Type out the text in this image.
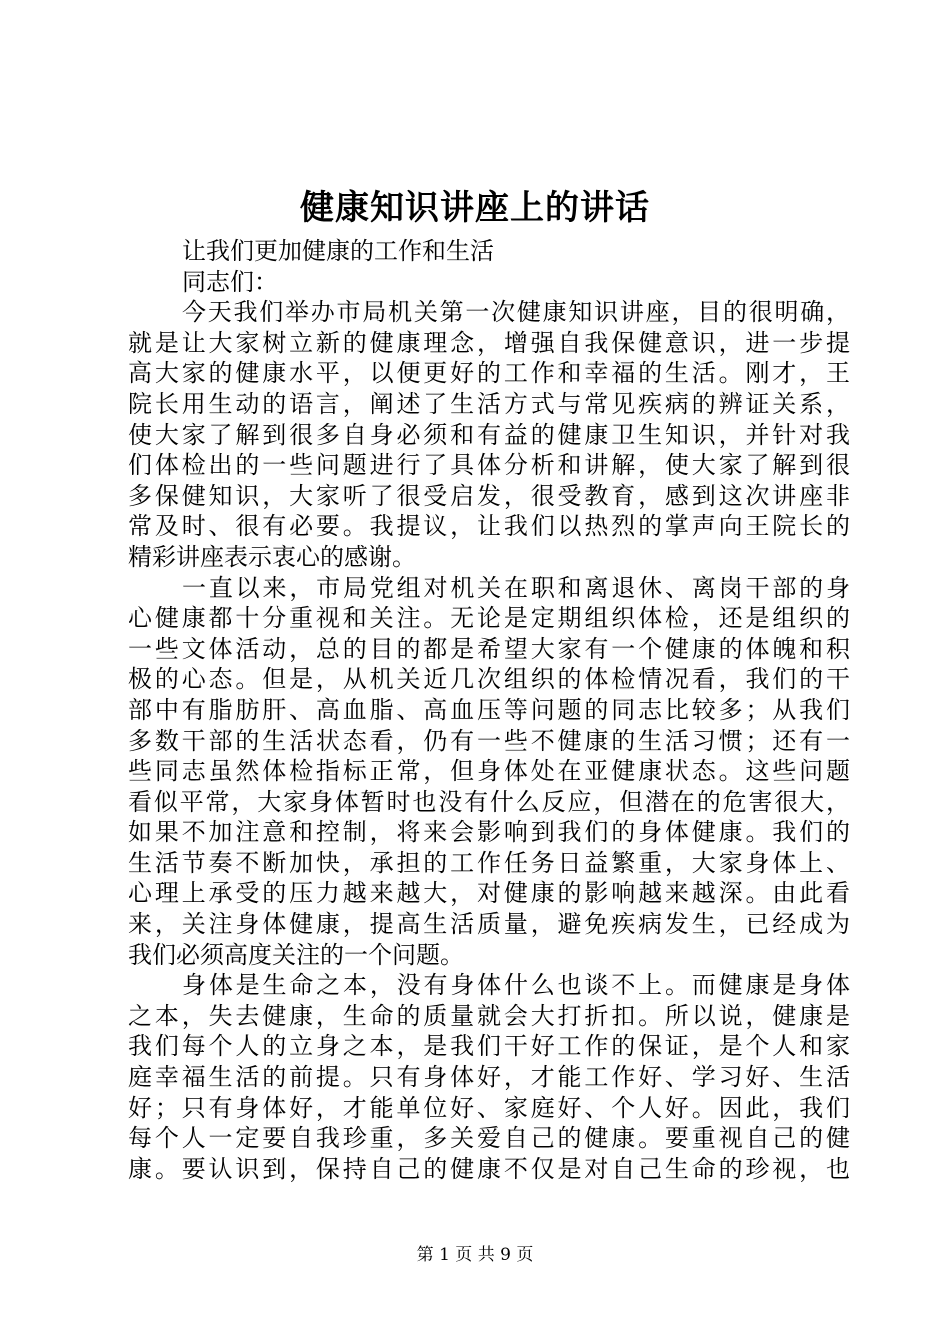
健康知识讲座上的讲话
让我们更加健康的工作和生活
同志们：
今天我们举办市局机关第一次健康知识讲座，目的很明确，
就是让大家树立新的健康理念，增强自我保健意识，进一步提
高大家的健康水平，以便更好的工作和幸福的生活。刚才，王
院长用生动的语言，阐述了生活方式与常见疾病的辨证关系，
使大家了解到很多自身必须和有益的健康卫生知识，并针对我
们体检出的一些问题进行了具体分析和讲解，使大家了解到很
多保健知识，大家听了很受启发，很受教育，感到这次讲座非
常及时、很有必要。我提议，让我们以热烈的掌声向王院长的
精彩讲座表示衷心的感谢。
一直以来，市局党组对机关在职和离退休、离岗干部的身
心健康都十分重视和关注。无论是定期组织体检，还是组织的
一些文体活动，总的目的都是希望大家有一个健康的体魄和积
极的心态。但是，从机关近几次组织的体检情况看，我们的干
部中有脂肪肝、高血脂、高血压等问题的同志比较多；从我们
多数干部的生活状态看，仍有一些不健康的生活习惯；还有一
些同志虽然体检指标正常，但身体处在亚健康状态。这些问题
看似平常，大家身体暂时也没有什么反应，但潜在的危害很大，
如果不加注意和控制，将来会影响到我们的身体健康。我们的
生活节奏不断加快，承担的工作任务日益繁重，大家身体上、
心理上承受的压力越来越大，对健康的影响越来越深。由此看
来，关注身体健康，提高生活质量，避免疾病发生，已经成为
我们必须高度关注的一个问题。
身体是生命之本，没有身体什么也谈不上。而健康是身体
之本，失去健康，生命的质量就会大打折扣。所以说，健康是
我们每个人的立身之本，是我们干好工作的保证，是个人和家
庭幸福生活的前提。只有身体好，才能工作好、学习好、生活
好；只有身体好，才能单位好、家庭好、个人好。因此，我们
每个人一定要自我珍重，多关爱自己的健康。要重视自己的健
康。要认识到，保持自己的健康不仅是对自己生命的珍视，也
第 1 页 共 9 页
